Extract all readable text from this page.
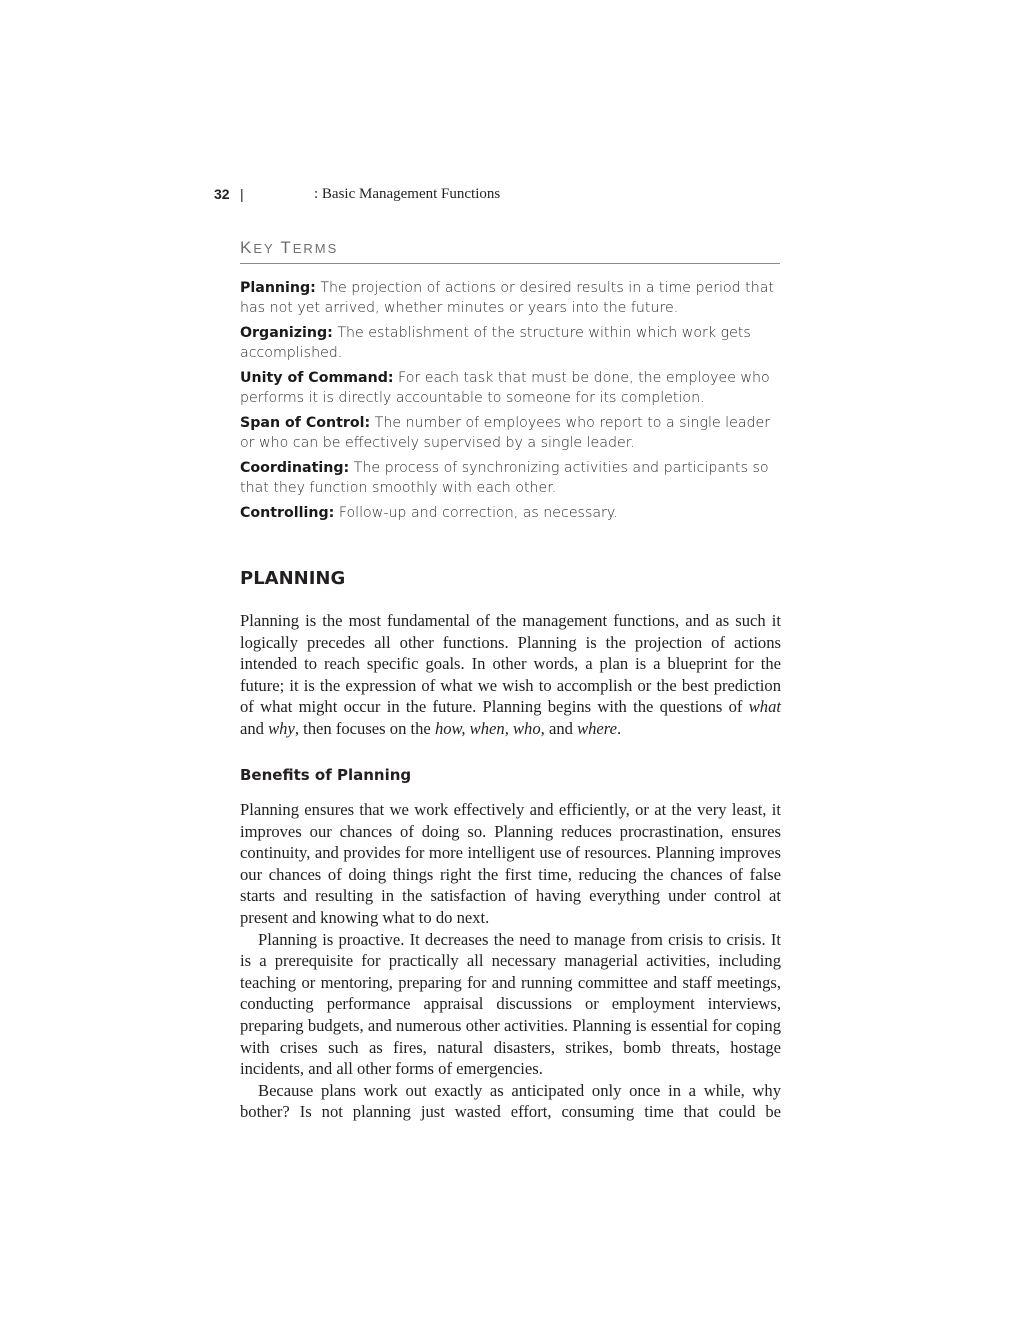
32 |	: Basic Management Functions
KEY TERMS
Planning: The projection of actions or desired results in a time period that has not yet arrived, whether minutes or years into the future.
Organizing: The establishment of the structure within which work gets accomplished.
Unity of Command: For each task that must be done, the employee who performs it is directly accountable to someone for its completion.
Span of Control: The number of employees who report to a single leader or who can be effectively supervised by a single leader.
Coordinating: The process of synchronizing activities and participants so that they function smoothly with each other.
Controlling: Follow-up and correction, as necessary.
PLANNING
Planning is the most fundamental of the management functions, and as such it logically precedes all other functions. Planning is the projection of actions intended to reach specific goals. In other words, a plan is a blueprint for the future; it is the expression of what we wish to accomplish or the best prediction of what might occur in the future. Planning begins with the questions of what and why, then focuses on the how, when, who, and where.
Benefits of Planning

Planning ensures that we work effectively and efficiently, or at the very least, it improves our chances of doing so. Planning reduces procrastination, ensures continuity, and provides for more intelligent use of resources. Planning improves our chances of doing things right the first time, reducing the chances of false starts and resulting in the satisfaction of having everything under control at present and knowing what to do next.

Planning is proactive. It decreases the need to manage from crisis to crisis. It is a prerequisite for practically all necessary managerial activities, including teaching or mentoring, preparing for and running committee and staff meetings, conducting performance appraisal discussions or employment interviews, preparing budgets, and numerous other activities. Planning is essential for coping with crises such as fires, natural disasters, strikes, bomb threats, hostage incidents, and all other forms of emergencies.

Because plans work out exactly as anticipated only once in a while, why bother? Is not planning just wasted effort, consuming time that could be
